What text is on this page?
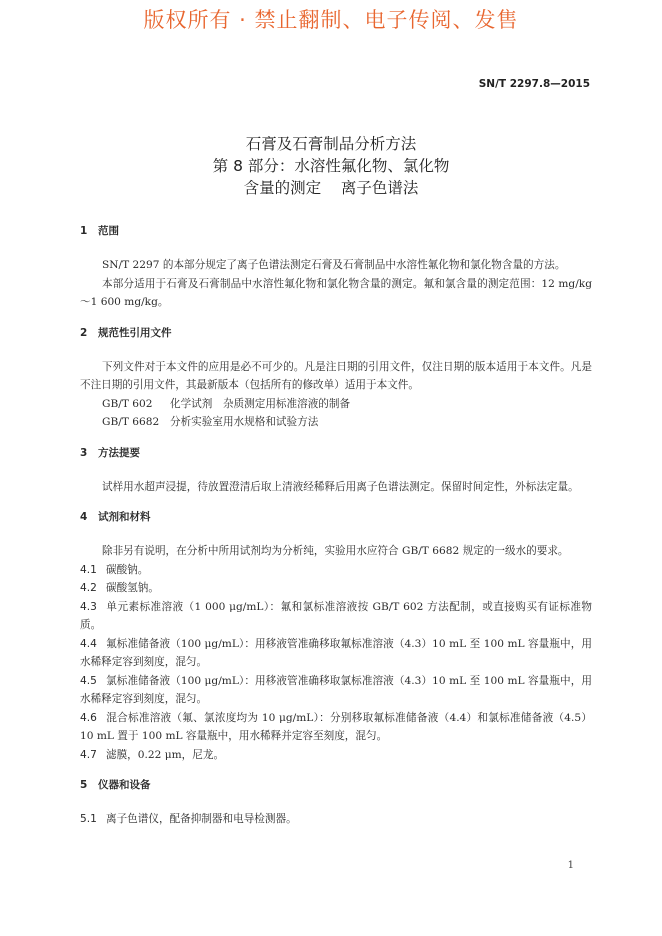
版权所有 · 禁止翻制、电子传阅、发售
SN/T 2297.8—2015
石膏及石膏制品分析方法
第 8 部分：水溶性氟化物、氯化物
含量的测定    离子色谱法
1 范围

SN/T 2297 的本部分规定了离子色谱法测定石膏及石膏制品中水溶性氟化物和氯化物含量的方法。

本部分适用于石膏及石膏制品中水溶性氟化物和氯化物含量的测定。氟和氯含量的测定范围：12 mg/kg～1 600 mg/kg。

2 规范性引用文件

下列文件对于本文件的应用是必不可少的。凡是注日期的引用文件，仅注日期的版本适用于本文件。凡是不注日期的引用文件，其最新版本（包括所有的修改单）适用于本文件。

GB/T 602 化学试剂　杂质测定用标准溶液的制备

GB/T 6682 分析实验室用水规格和试验方法

3 方法提要

试样用水超声浸提，待放置澄清后取上清液经稀释后用离子色谱法测定。保留时间定性，外标法定量。

4 试剂和材料

除非另有说明，在分析中所用试剂均为分析纯，实验用水应符合 GB/T 6682 规定的一级水的要求。

4.1 碳酸钠。

4.2 碳酸氢钠。

4.3 单元素标准溶液（1 000 μg/mL）：氟和氯标准溶液按 GB/T 602 方法配制，或直接购买有证标准物质。

4.4 氟标准储备液（100 μg/mL）：用移液管准确移取氟标准溶液（4.3）10 mL 至 100 mL 容量瓶中，用水稀释定容到刻度，混匀。

4.5 氯标准储备液（100 μg/mL）：用移液管准确移取氯标准溶液（4.3）10 mL 至 100 mL 容量瓶中，用水稀释定容到刻度，混匀。

4.6 混合标准溶液（氟、氯浓度均为 10 μg/mL）：分别移取氟标准储备液（4.4）和氯标准储备液（4.5）10 mL 置于 100 mL 容量瓶中，用水稀释并定容至刻度，混匀。

4.7 滤膜，0.22 μm，尼龙。

5 仪器和设备

5.1 离子色谱仪，配备抑制器和电导检测器。

1
